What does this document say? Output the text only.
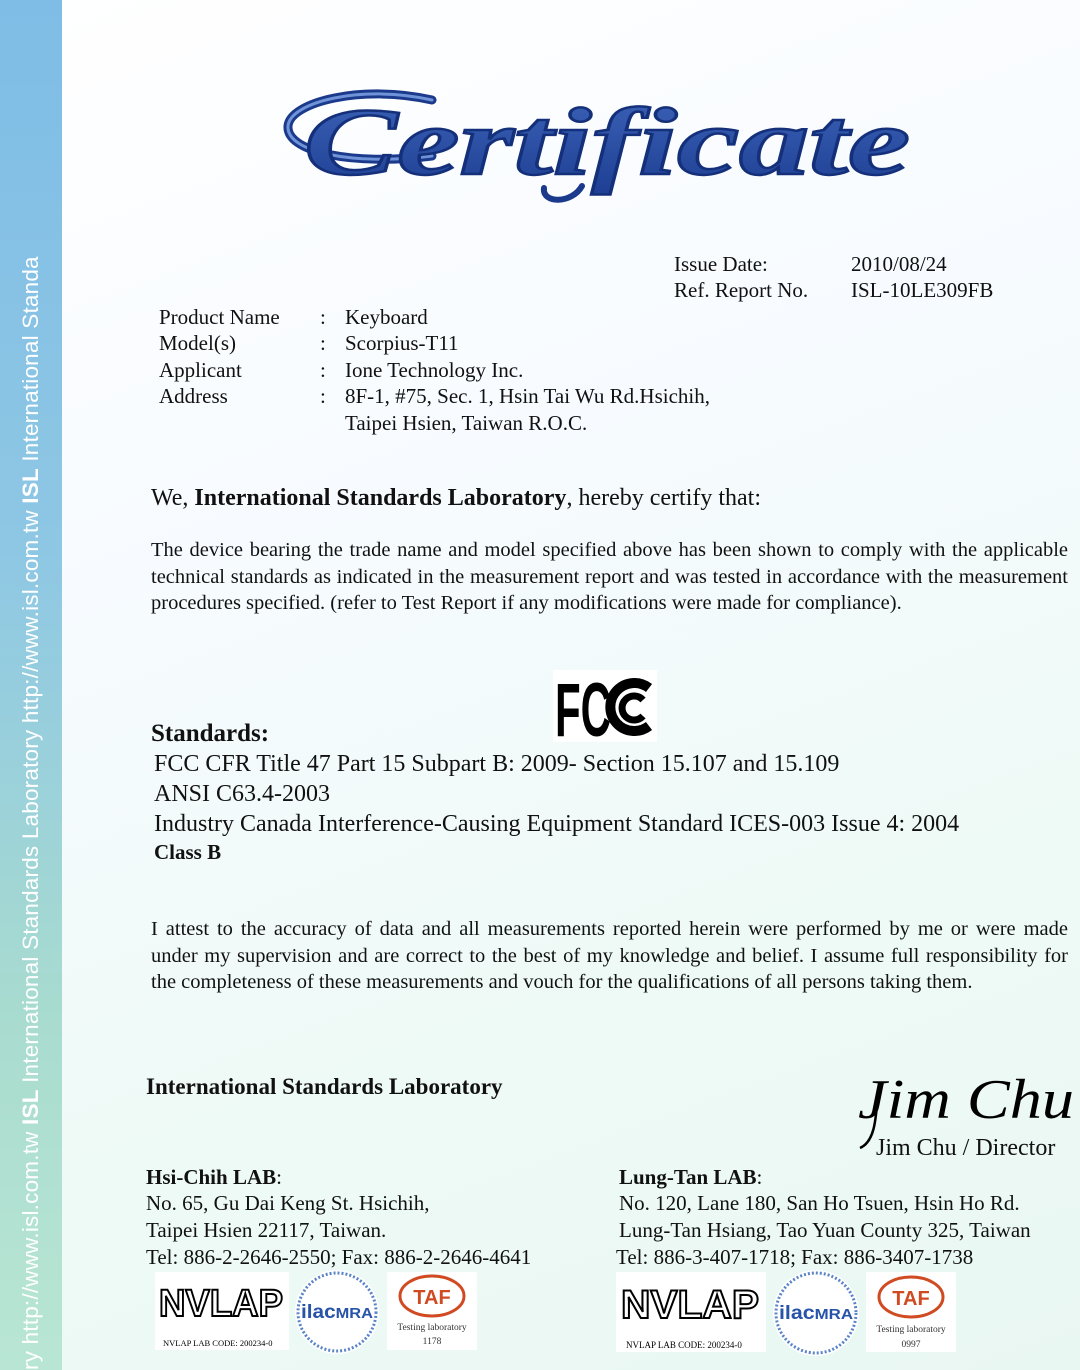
ry http://www.isl.com.tw ISL International Standards Laboratory http://www.isl.com.tw ISL International Standa
Certificate
Issue Date:	2010/08/24
Ref. Report No. ISL-10LE309FB
Product Name : Keyboard
Model(s)	: Scorpius-T11
Applicant	: Ione Technology Inc.
Address	: 8F-1, #75, Sec. 1, Hsin Tai Wu Rd.Hsichih,
Taipei Hsien, Taiwan R.O.C.
We, International Standards Laboratory, hereby certify that:
The device bearing the trade name and model specified above has been shown to comply with the applicable technical standards as indicated in the measurement report and was tested in accordance with the measurement procedures specified. (refer to Test Report if any modifications were made for compliance).
FC
Standards:
FCC CFR Title 47 Part 15 Subpart B: 2009- Section 15.107 and 15.109
ANSI C63.4-2003
Industry Canada Interference-Causing Equipment Standard ICES-003 Issue 4: 2004
Class B
I attest to the accuracy of data and all measurements reported herein were performed by me or were made under my supervision and are correct to the best of my knowledge and belief. I assume full responsibility for the completeness of these measurements and vouch for the qualifications of all persons taking them.
International Standards Laboratory	Jim Chu
Jim Chu / Director
Hsi-Chih LAB:
No. 65, Gu Dai Keng St. Hsichih,
Taipei Hsien 22117, Taiwan.
Tel: 886-2-2646-2550; Fax: 886-2-2646-4641
Lung-Tan LAB:
No. 120, Lane 180, San Ho Tsuen, Hsin Ho Rd.
Lung-Tan Hsiang, Tao Yuan County 325, Taiwan
Tel: 886-3-407-1718; Fax: 886-3407-1738
NVLAP
NVLAP LAB CODE: 200234-0
ilac MRA
TAF
Testing laboratory
1178
NVLAP
NVLAP LAB CODE: 200234-0
ilac MRA
TAF
Testing laboratory
0997
